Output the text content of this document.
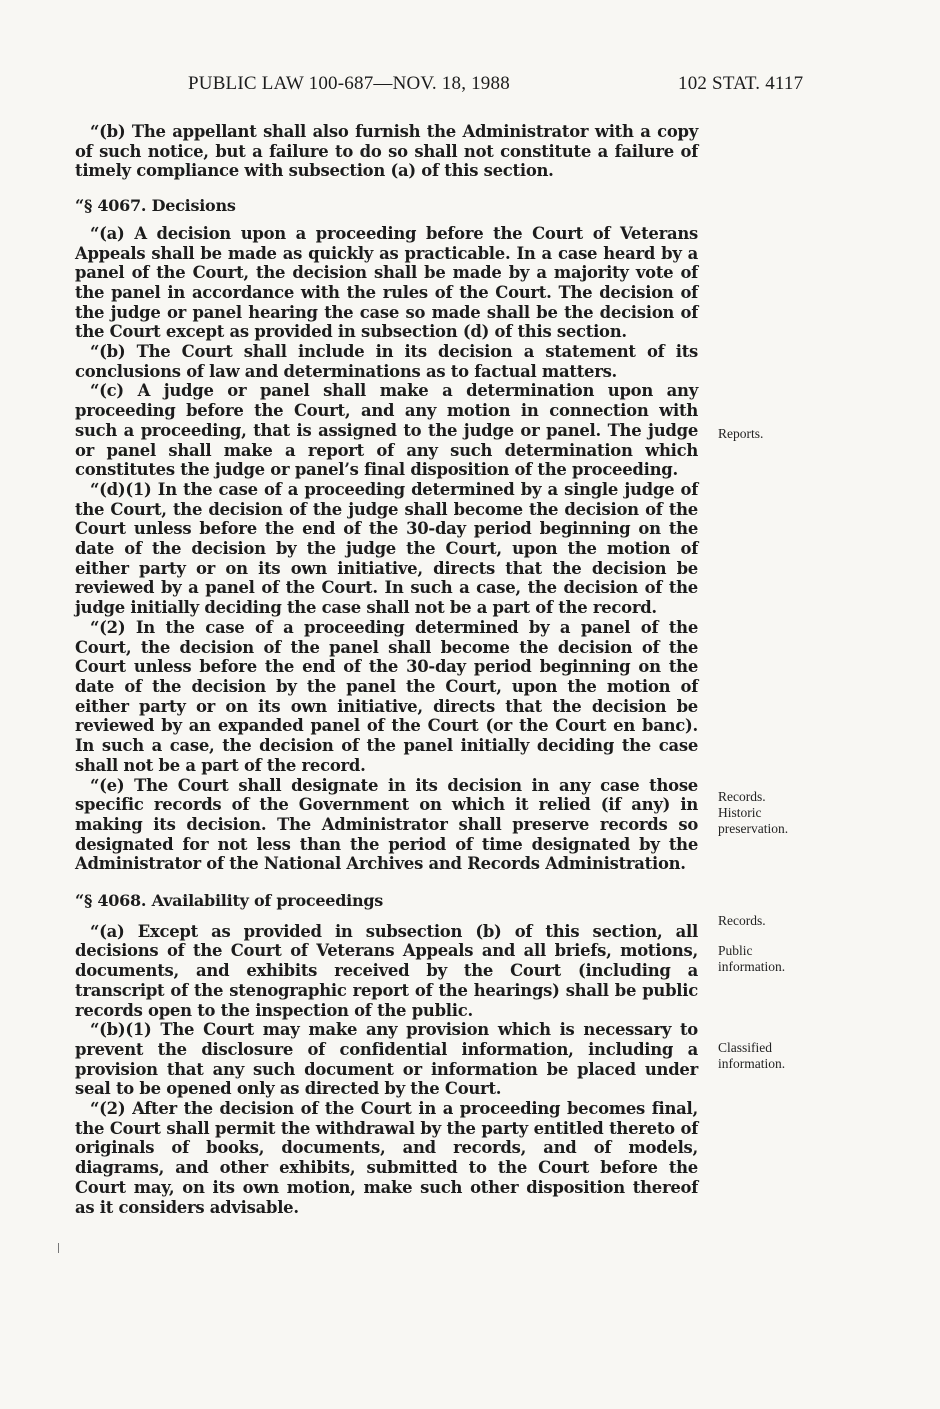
PUBLIC LAW 100-687—NOV. 18, 1988	102 STAT. 4117

“(b) The appellant shall also furnish the Administrator with a copy of such notice, but a failure to do so shall not constitute a failure of timely compliance with subsection (a) of this section.

“§ 4067. Decisions

“(a) A decision upon a proceeding before the Court of Veterans Appeals shall be made as quickly as practicable. In a case heard by a panel of the Court, the decision shall be made by a majority vote of the panel in accordance with the rules of the Court. The decision of the judge or panel hearing the case so made shall be the decision of the Court except as provided in subsection (d) of this section.

“(b) The Court shall include in its decision a statement of its conclusions of law and determinations as to factual matters.

“(c) A judge or panel shall make a determination upon any proceeding before the Court, and any motion in connection with such a proceeding, that is assigned to the judge or panel. The judge or panel shall make a report of any such determination which constitutes the judge or panel’s final disposition of the proceeding.

“(d)(1) In the case of a proceeding determined by a single judge of the Court, the decision of the judge shall become the decision of the Court unless before the end of the 30-day period beginning on the date of the decision by the judge the Court, upon the motion of either party or on its own initiative, directs that the decision be reviewed by a panel of the Court. In such a case, the decision of the judge initially deciding the case shall not be a part of the record.

“(2) In the case of a proceeding determined by a panel of the Court, the decision of the panel shall become the decision of the Court unless before the end of the 30-day period beginning on the date of the decision by the panel the Court, upon the motion of either party or on its own initiative, directs that the decision be reviewed by an expanded panel of the Court (or the Court en banc). In such a case, the decision of the panel initially deciding the case shall not be a part of the record.

“(e) The Court shall designate in its decision in any case those specific records of the Government on which it relied (if any) in making its decision. The Administrator shall preserve records so designated for not less than the period of time designated by the Administrator of the National Archives and Records Administration.

“§ 4068. Availability of proceedings

“(a) Except as provided in subsection (b) of this section, all decisions of the Court of Veterans Appeals and all briefs, motions, documents, and exhibits received by the Court (including a transcript of the stenographic report of the hearings) shall be public records open to the inspection of the public.

“(b)(1) The Court may make any provision which is necessary to prevent the disclosure of confidential information, including a provision that any such document or information be placed under seal to be opened only as directed by the Court.

“(2) After the decision of the Court in a proceeding becomes final, the Court shall permit the withdrawal by the party entitled thereto of originals of books, documents, and records, and of models, diagrams, and other exhibits, submitted to the Court before the Court may, on its own motion, make such other disposition thereof as it considers advisable.

Reports.
Records.
Historic
preservation.
Records.
Public
information.
Classified
information.
